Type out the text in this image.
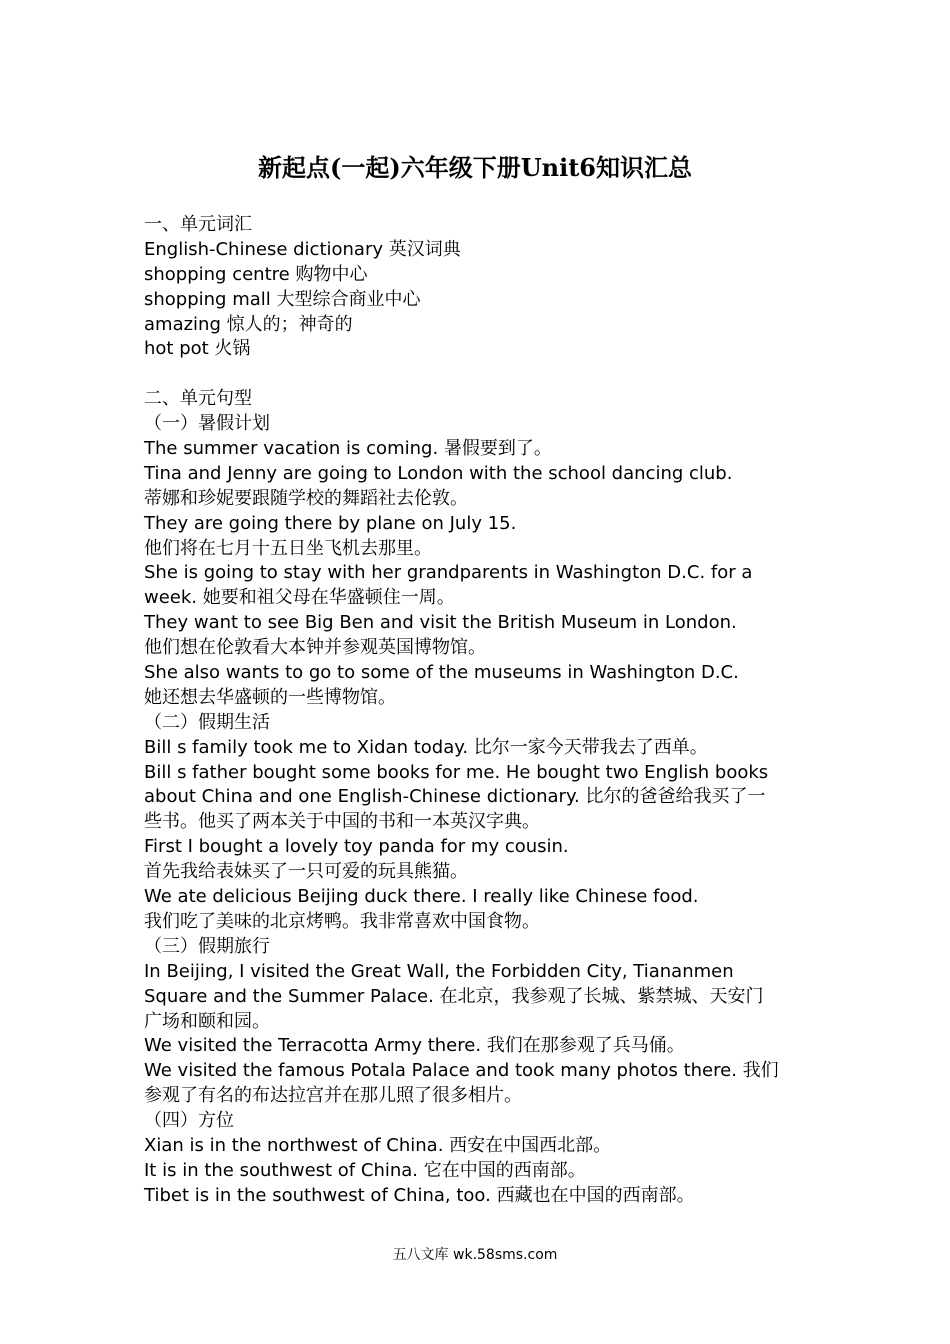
新起点(一起)六年级下册Unit6知识汇总
一、单元词汇
English-Chinese dictionary 英汉词典
shopping centre 购物中心
shopping mall 大型综合商业中心
amazing 惊人的；神奇的
hot pot 火锅
二、单元句型
（一）暑假计划
The summer vacation is coming. 暑假要到了。
Tina and Jenny are going to London with the school dancing club.
蒂娜和珍妮要跟随学校的舞蹈社去伦敦。
They are going there by plane on July 15.
他们将在七月十五日坐飞机去那里。
She is going to stay with her grandparents in Washington D.C. for a
week. 她要和祖父母在华盛顿住一周。
They want to see Big Ben and visit the British Museum in London.
他们想在伦敦看大本钟并参观英国博物馆。
She also wants to go to some of the museums in Washington D.C.
她还想去华盛顿的一些博物馆。
（二）假期生活
Bill s family took me to Xidan today. 比尔一家今天带我去了西单。
Bill s father bought some books for me. He bought two English books
about China and one English-Chinese dictionary. 比尔的爸爸给我买了一
些书。他买了两本关于中国的书和一本英汉字典。
First I bought a lovely toy panda for my cousin.
首先我给表妹买了一只可爱的玩具熊猫。
We ate delicious Beijing duck there. I really like Chinese food.
我们吃了美味的北京烤鸭。我非常喜欢中国食物。
（三）假期旅行
In Beijing, I visited the Great Wall, the Forbidden City, Tiananmen
Square and the Summer Palace. 在北京，我参观了长城、紫禁城、天安门
广场和颐和园。
We visited the Terracotta Army there. 我们在那参观了兵马俑。
We visited the famous Potala Palace and took many photos there. 我们
参观了有名的布达拉宫并在那儿照了很多相片。
（四）方位
Xian is in the northwest of China. 西安在中国西北部。
It is in the southwest of China. 它在中国的西南部。
Tibet is in the southwest of China, too. 西藏也在中国的西南部。
五八文库 wk.58sms.com
